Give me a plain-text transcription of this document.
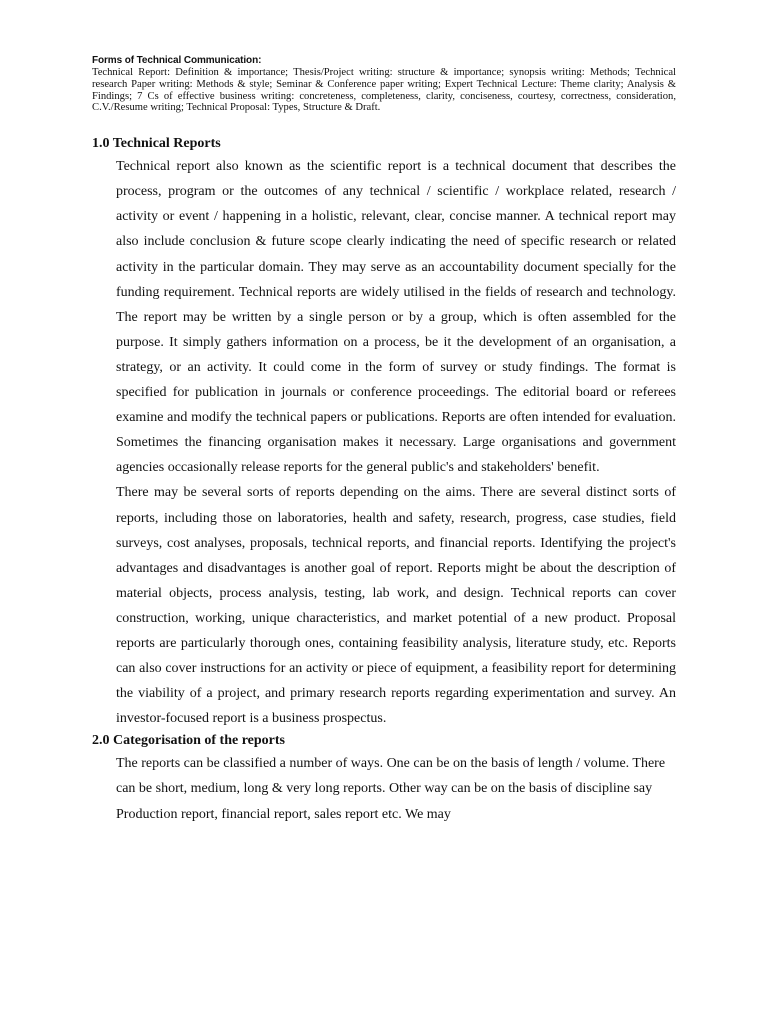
Forms of Technical Communication:

Technical Report: Definition & importance; Thesis/Project writing: structure & importance; synopsis writing: Methods; Technical research Paper writing: Methods & style; Seminar & Conference paper writing; Expert Technical Lecture: Theme clarity; Analysis & Findings; 7 Cs of effective business writing: concreteness, completeness, clarity, conciseness, courtesy, correctness, consideration, C.V./Resume writing; Technical Proposal: Types, Structure & Draft.

1.0 Technical Reports

Technical report also known as the scientific report is a technical document that describes the process, program or the outcomes of any technical / scientific / workplace related, research / activity or event / happening in a holistic, relevant, clear, concise manner. A technical report may also include conclusion & future scope clearly indicating the need of specific research or related activity in the particular domain. They may serve as an accountability document specially for the funding requirement. Technical reports are widely utilised in the fields of research and technology. The report may be written by a single person or by a group, which is often assembled for the purpose. It simply gathers information on a process, be it the development of an organisation, a strategy, or an activity. It could come in the form of survey or study findings. The format is specified for publication in journals or conference proceedings. The editorial board or referees examine and modify the technical papers or publications. Reports are often intended for evaluation. Sometimes the financing organisation makes it necessary. Large organisations and government agencies occasionally release reports for the general public's and stakeholders' benefit.

There may be several sorts of reports depending on the aims. There are several distinct sorts of reports, including those on laboratories, health and safety, research, progress, case studies, field surveys, cost analyses, proposals, technical reports, and financial reports. Identifying the project's advantages and disadvantages is another goal of report. Reports might be about the description of material objects, process analysis, testing, lab work, and design. Technical reports can cover construction, working, unique characteristics, and market potential of a new product. Proposal reports are particularly thorough ones, containing feasibility analysis, literature study, etc. Reports can also cover instructions for an activity or piece of equipment, a feasibility report for determining the viability of a project, and primary research reports regarding experimentation and survey. An investor-focused report is a business prospectus.

2.0 Categorisation of the reports

The reports can be classified a number of ways. One can be on the basis of length / volume. There can be short, medium, long & very long reports. Other way can be on the basis of discipline say Production report, financial report, sales report etc. We may
